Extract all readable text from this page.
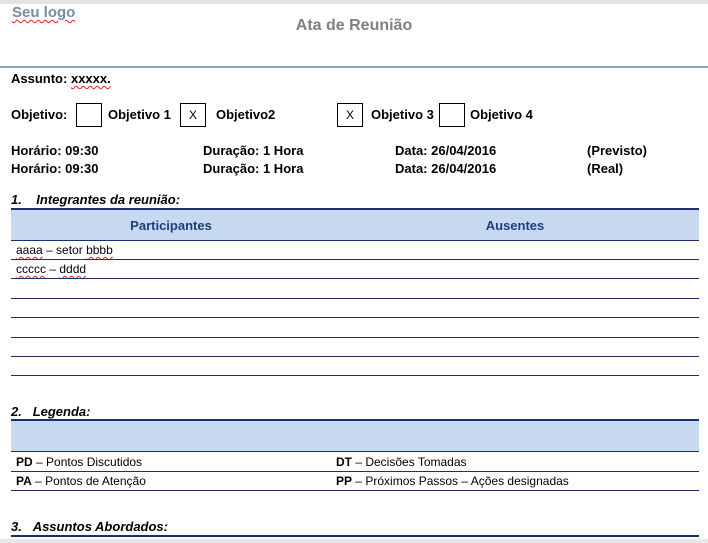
Seu logo
Ata de Reunião
Assunto: xxxxx.
Objetivo:	Objetivo 1	X	Objetivo2	X	Objetivo 3	Objetivo 4
Horário: 09:30	Duração: 1 Hora	Data: 26/04/2016	(Previsto)
Horário: 09:30	Duração: 1 Hora	Data: 26/04/2016	(Real)
1. Integrantes da reunião:
Participantes	Ausentes
aaaa – setor bbbb
ccccc – dddd
2. Legenda:
PD – Pontos Discutidos	DT – Decisões Tomadas
PA – Pontos de Atenção	PP – Próximos Passos – Ações designadas
3. Assuntos Abordados:
